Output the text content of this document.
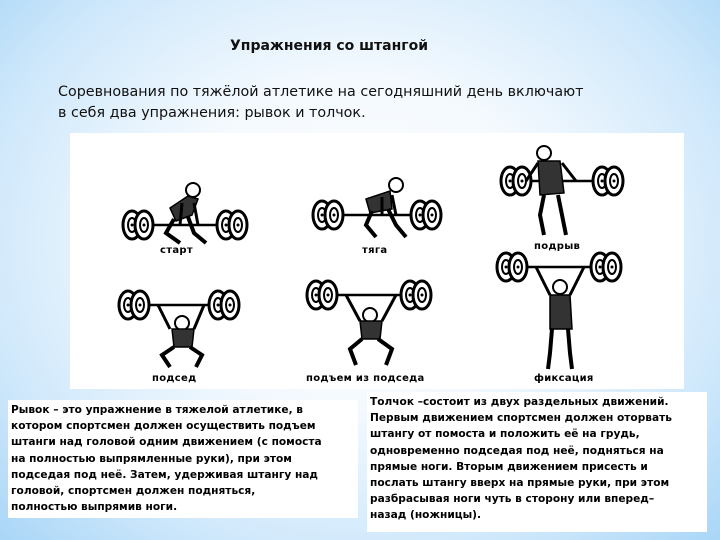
Упражнения со штангой
Соревнования по тяжёлой атлетике на сегодняшний день включают
в себя два упражнения: рывок и толчок.
старт	тяга	подрыв
подсед	подъем из подседа	фиксация

Рывок – это упражнение в тяжелой атлетике, в

котором спортсмен должен осуществить подъем

штанги над головой одним движением (с помоста

на полностью выпрямленные руки), при этом

подседая под неё. Затем, удерживая штангу над

головой, спортсмен должен подняться,

полностью выпрямив ноги.

Толчок –состоит из двух раздельных движений.

Первым движением спортсмен должен оторвать

штангу от помоста и положить её на грудь,

одновременно подседая под неё, подняться на

прямые ноги. Вторым движением присесть и

послать штангу вверх на прямые руки, при этом

разбрасывая ноги чуть в сторону или вперед–

назад (ножницы).
